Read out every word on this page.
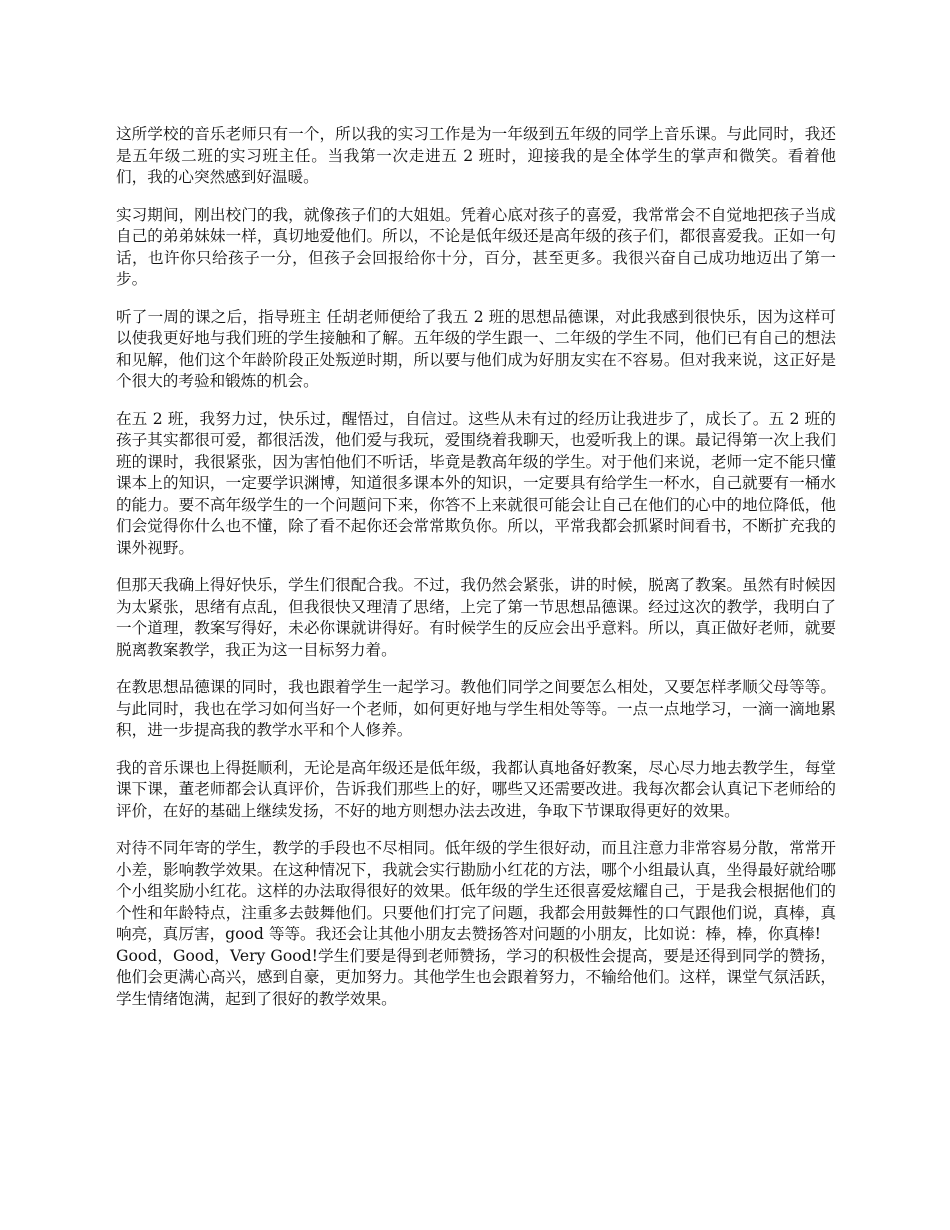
这所学校的音乐老师只有一个，所以我的实习工作是为一年级到五年级的同学上音乐课。与此同时，我还是五年级二班的实习班主任。当我第一次走进五 2 班时，迎接我的是全体学生的掌声和微笑。看着他们，我的心突然感到好温暖。

实习期间，刚出校门的我，就像孩子们的大姐姐。凭着心底对孩子的喜爱，我常常会不自觉地把孩子当成自己的弟弟妹妹一样，真切地爱他们。所以，不论是低年级还是高年级的孩子们，都很喜爱我。正如一句话，也许你只给孩子一分，但孩子会回报给你十分，百分，甚至更多。我很兴奋自己成功地迈出了第一步。

听了一周的课之后，指导班主 任胡老师便给了我五 2 班的思想品德课，对此我感到很快乐，因为这样可以使我更好地与我们班的学生接触和了解。五年级的学生跟一、二年级的学生不同，他们已有自己的想法和见解，他们这个年龄阶段正处叛逆时期，所以要与他们成为好朋友实在不容易。但对我来说，这正好是个很大的考验和锻炼的机会。

在五 2 班，我努力过，快乐过，醒悟过，自信过。这些从未有过的经历让我进步了，成长了。五 2 班的孩子其实都很可爱，都很活泼，他们爱与我玩，爱围绕着我聊天，也爱听我上的课。最记得第一次上我们班的课时，我很紧张，因为害怕他们不听话，毕竟是教高年级的学生。对于他们来说，老师一定不能只懂课本上的知识，一定要学识渊博，知道很多课本外的知识，一定要具有给学生一杯水，自己就要有一桶水的能力。要不高年级学生的一个问题问下来，你答不上来就很可能会让自己在他们的心中的地位降低，他们会觉得你什么也不懂，除了看不起你还会常常欺负你。所以，平常我都会抓紧时间看书，不断扩充我的课外视野。

但那天我确上得好快乐，学生们很配合我。不过，我仍然会紧张，讲的时候，脱离了教案。虽然有时候因为太紧张，思绪有点乱，但我很快又理清了思绪，上完了第一节思想品德课。经过这次的教学，我明白了一个道理，教案写得好，未必你课就讲得好。有时候学生的反应会出乎意料。所以，真正做好老师，就要脱离教案教学，我正为这一目标努力着。

在教思想品德课的同时，我也跟着学生一起学习。教他们同学之间要怎么相处，又要怎样孝顺父母等等。与此同时，我也在学习如何当好一个老师，如何更好地与学生相处等等。一点一点地学习，一滴一滴地累积，进一步提高我的教学水平和个人修养。

我的音乐课也上得挺顺利，无论是高年级还是低年级，我都认真地备好教案，尽心尽力地去教学生，每堂课下课，董老师都会认真评价，告诉我们那些上的好，哪些又还需要改进。我每次都会认真记下老师给的评价，在好的基础上继续发扬，不好的地方则想办法去改进，争取下节课取得更好的效果。

对待不同年寄的学生，教学的手段也不尽相同。低年级的学生很好动，而且注意力非常容易分散，常常开小差，影响教学效果。在这种情况下，我就会实行勘励小红花的方法，哪个小组最认真，坐得最好就给哪个小组奖励小红花。这样的办法取得很好的效果。低年级的学生还很喜爱炫耀自己，于是我会根据他们的个性和年龄特点，注重多去鼓舞他们。只要他们打完了问题，我都会用鼓舞性的口气跟他们说，真棒，真响亮，真厉害，good 等等。我还会让其他小朋友去赞扬答对问题的小朋友，比如说：棒，棒，你真棒!
Good，Good，Very Good!学生们要是得到老师赞扬，学习的积极性会提高，要是还得到同学的赞扬，他们会更满心高兴，感到自豪，更加努力。其他学生也会跟着努力，不输给他们。这样，课堂气氛活跃，学生情绪饱满，起到了很好的教学效果。
